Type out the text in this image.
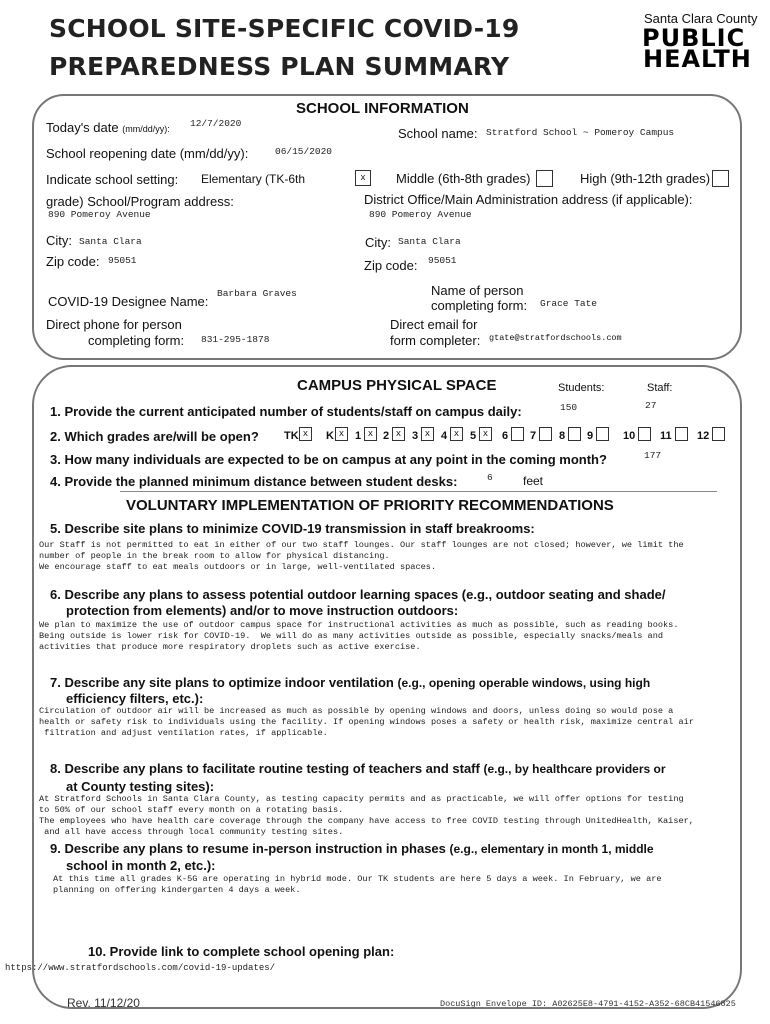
SCHOOL SITE-SPECIFIC COVID-19
PREPAREDNESS PLAN SUMMARY
Santa Clara County
PUBLIC
HEALTH
SCHOOL INFORMATION
Today's date (mm/dd/yy): 12/7/2020
School name: Stratford School ~ Pomeroy Campus
School reopening date (mm/dd/yy):	06/15/2020
Indicate school setting: Elementary (TK-6th	x	Middle (6th-8th grades)	High (9th-12th grades)
grade) School/Program address:
890 Pomeroy Avenue
District Office/Main Administration address (if applicable):
890 Pomeroy Avenue
City: Santa Clara	City: Santa Clara
Zip code: 95051	Zip code: 95051
Barbara Graves
COVID-19 Designee Name:
Name of person
completing form: Grace Tate
Direct phone for person
completing form: 831-295-1878
Direct email for
form completer: gtate@stratfordschools.com
CAMPUS PHYSICAL SPACE	Students:	Staff:
1. Provide the current anticipated number of students/staff on campus daily:	150	27
2. Which grades are/will be open? TK x	K x 1 x 2 x 3 x 4 x 5 x	6 7 8 9	10 11 12
3. How many individuals are expected to be on campus at any point in the coming month?	177
4. Provide the planned minimum distance between student desks:	6	feet
VOLUNTARY IMPLEMENTATION OF PRIORITY RECOMMENDATIONS
5. Describe site plans to minimize COVID-19 transmission in staff breakrooms:
Our Staff is not permitted to eat in either of our two staff lounges. Our staff lounges are not closed; however, we limit the
number of people in the break room to allow for physical distancing.
We encourage staff to eat meals outdoors or in large, well-ventilated spaces.
6. Describe any plans to assess potential outdoor learning spaces (e.g., outdoor seating and shade/
protection from elements) and/or to move instruction outdoors:
We plan to maximize the use of outdoor campus space for instructional activities as much as possible, such as reading books.
Being outside is lower risk for COVID-19.  We will do as many activities outside as possible, especially snacks/meals and
activities that produce more respiratory droplets such as active exercise.
7. Describe any site plans to optimize indoor ventilation (e.g., opening operable windows, using high
efficiency filters, etc.):
Circulation of outdoor air will be increased as much as possible by opening windows and doors, unless doing so would pose a
health or safety risk to individuals using the facility. If opening windows poses a safety or health risk, maximize central air
filtration and adjust ventilation rates, if applicable.
8. Describe any plans to facilitate routine testing of teachers and staff (e.g., by healthcare providers or
at County testing sites):
At Stratford Schools in Santa Clara County, as testing capacity permits and as practicable, we will offer options for testing
to 50% of our school staff every month on a rotating basis.
The employees who have health care coverage through the company have access to free COVID testing through UnitedHealth, Kaiser,
and all have access through local community testing sites.
9. Describe any plans to resume in-person instruction in phases (e.g., elementary in month 1, middle
school in month 2, etc.):
At this time all grades K-5G are operating in hybrid mode. Our TK students are here 5 days a week. In February, we are
planning on offering kindergarten 4 days a week.
10. Provide link to complete school opening plan:
https://www.stratfordschools.com/covid-19-updates/
Rev. 11/12/20	DocuSign Envelope ID: A02625E8-4791-4152-A352-68CB41546825
